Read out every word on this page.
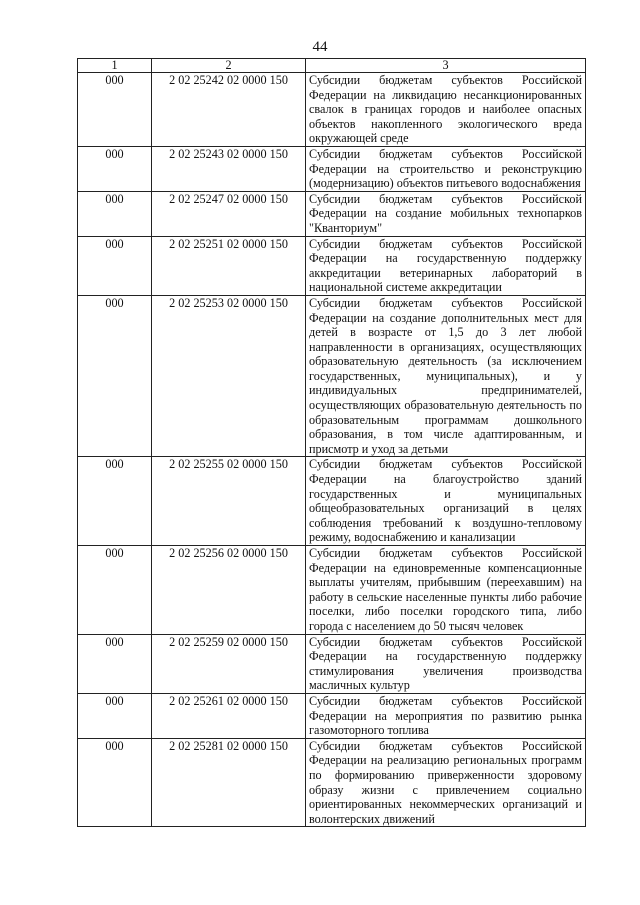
44
1	2	3
000	2 02 25242 02 0000 150	Субсидии бюджетам субъектов Российской Федерации на ликвидацию несанкционированных свалок в границах городов и наиболее опасных объектов накопленного экологического вреда окружающей среде
000	2 02 25243 02 0000 150	Субсидии бюджетам субъектов Российской Федерации на строительство и реконструкцию (модернизацию) объектов питьевого водоснабжения
000	2 02 25247 02 0000 150	Субсидии бюджетам субъектов Российской Федерации на создание мобильных технопарков "Кванториум"
000	2 02 25251 02 0000 150	Субсидии бюджетам субъектов Российской Федерации на государственную поддержку аккредитации ветеринарных лабораторий в национальной системе аккредитации
000	2 02 25253 02 0000 150	Субсидии бюджетам субъектов Российской Федерации на создание дополнительных мест для детей в возрасте от 1,5 до 3 лет любой направленности в организациях, осуществляющих образовательную деятельность (за исключением государственных, муниципальных), и у индивидуальных предпринимателей, осуществляющих образовательную деятельность по образовательным программам дошкольного образования, в том числе адаптированным, и присмотр и уход за детьми
000	2 02 25255 02 0000 150	Субсидии бюджетам субъектов Российской Федерации на благоустройство зданий государственных и муниципальных общеобразовательных организаций в целях соблюдения требований к воздушно-тепловому режиму, водоснабжению и канализации
000	2 02 25256 02 0000 150	Субсидии бюджетам субъектов Российской Федерации на единовременные компенсационные выплаты учителям, прибывшим (переехавшим) на работу в сельские населенные пункты либо рабочие поселки, либо поселки городского типа, либо города с населением до 50 тысяч человек
000	2 02 25259 02 0000 150	Субсидии бюджетам субъектов Российской Федерации на государственную поддержку стимулирования увеличения производства масличных культур
000	2 02 25261 02 0000 150	Субсидии бюджетам субъектов Российской Федерации на мероприятия по развитию рынка газомоторного топлива
000	2 02 25281 02 0000 150	Субсидии бюджетам субъектов Российской Федерации на реализацию региональных программ по формированию приверженности здоровому образу жизни с привлечением социально ориентированных некоммерческих организаций и волонтерских движений
